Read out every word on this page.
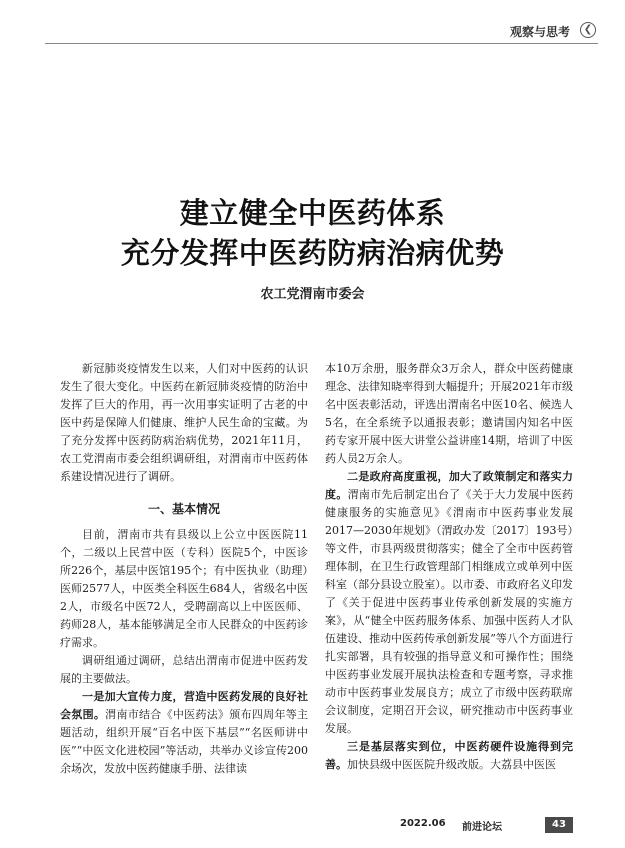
观察与思考	❮
建立健全中医药体系
充分发挥中医药防病治病优势
农工党渭南市委会

新冠肺炎疫情发生以来，人们对中医药的认识发生了很大变化。中医药在新冠肺炎疫情的防治中发挥了巨大的作用，再一次用事实证明了古老的中医中药是保障人们健康、维护人民生命的宝藏。为了充分发挥中医药防病治病优势，2021年11月，农工党渭南市委会组织调研组，对渭南市中医药体系建设情况进行了调研。

一、基本情况

目前，渭南市共有县级以上公立中医医院11个，二级以上民营中医（专科）医院5个，中医诊所226个，基层中医馆195个；有中医执业（助理）医师2577人，中医类全科医生684人，省级名中医2人，市级名中医72人，受聘副高以上中医医师、药师28人，基本能够满足全市人民群众的中医药诊疗需求。

调研组通过调研，总结出渭南市促进中医药发展的主要做法。

一是加大宣传力度，营造中医药发展的良好社会氛围。渭南市结合《中医药法》颁布四周年等主题活动，组织开展“百名中医下基层”“名医师讲中医”“中医文化进校园”等活动，共举办义诊宣传200余场次，发放中医药健康手册、法律读

本10万余册，服务群众3万余人，群众中医药健康理念、法律知晓率得到大幅提升；开展2021年市级名中医表彰活动，评选出渭南名中医10名、候选人5名，在全系统予以通报表彰；邀请国内知名中医药专家开展中医大讲堂公益讲座14期，培训了中医药人员2万余人。

二是政府高度重视，加大了政策制定和落实力度。渭南市先后制定出台了《关于大力发展中医药健康服务的实施意见》《渭南市中医药事业发展2017—2030年规划》（渭政办发〔2017〕193号）等文件，市县两级贯彻落实；健全了全市中医药管理体制，在卫生行政管理部门相继成立或单列中医科室（部分县设立股室）。以市委、市政府名义印发了《关于促进中医药事业传承创新发展的实施方案》，从“健全中医药服务体系、加强中医药人才队伍建设、推动中医药传承创新发展”等八个方面进行扎实部署，具有较强的指导意义和可操作性；围绕中医药事业发展开展执法检查和专题考察，寻求推动市中医药事业发展良方；成立了市级中医药联席会议制度，定期召开会议，研究推动市中医药事业发展。

三是基层落实到位，中医药硬件设施得到完善。加快县级中医医院升级改版。大荔县中医医

2022.06 前进论坛	43
